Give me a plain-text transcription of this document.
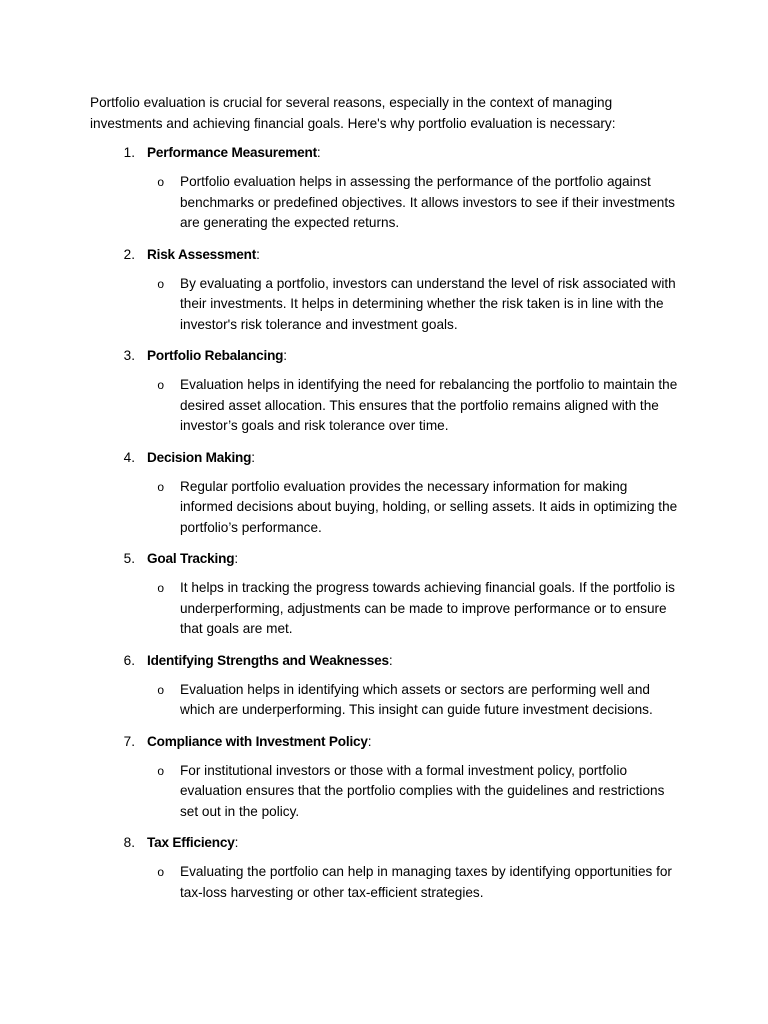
Portfolio evaluation is crucial for several reasons, especially in the context of managing investments and achieving financial goals. Here's why portfolio evaluation is necessary:

1. Performance Measurement:
o	Portfolio evaluation helps in assessing the performance of the portfolio against benchmarks or predefined objectives. It allows investors to see if their investments are generating the expected returns.
2. Risk Assessment:
o	By evaluating a portfolio, investors can understand the level of risk associated with their investments. It helps in determining whether the risk taken is in line with the investor's risk tolerance and investment goals.
3. Portfolio Rebalancing:
o	Evaluation helps in identifying the need for rebalancing the portfolio to maintain the desired asset allocation. This ensures that the portfolio remains aligned with the investor’s goals and risk tolerance over time.
4. Decision Making:
o	Regular portfolio evaluation provides the necessary information for making informed decisions about buying, holding, or selling assets. It aids in optimizing the portfolio’s performance.
5. Goal Tracking:
o	It helps in tracking the progress towards achieving financial goals. If the portfolio is underperforming, adjustments can be made to improve performance or to ensure that goals are met.
6. Identifying Strengths and Weaknesses:
o	Evaluation helps in identifying which assets or sectors are performing well and which are underperforming. This insight can guide future investment decisions.
7. Compliance with Investment Policy:
o	For institutional investors or those with a formal investment policy, portfolio evaluation ensures that the portfolio complies with the guidelines and restrictions set out in the policy.
8. Tax Efficiency:
o	Evaluating the portfolio can help in managing taxes by identifying opportunities for tax-loss harvesting or other tax-efficient strategies.
